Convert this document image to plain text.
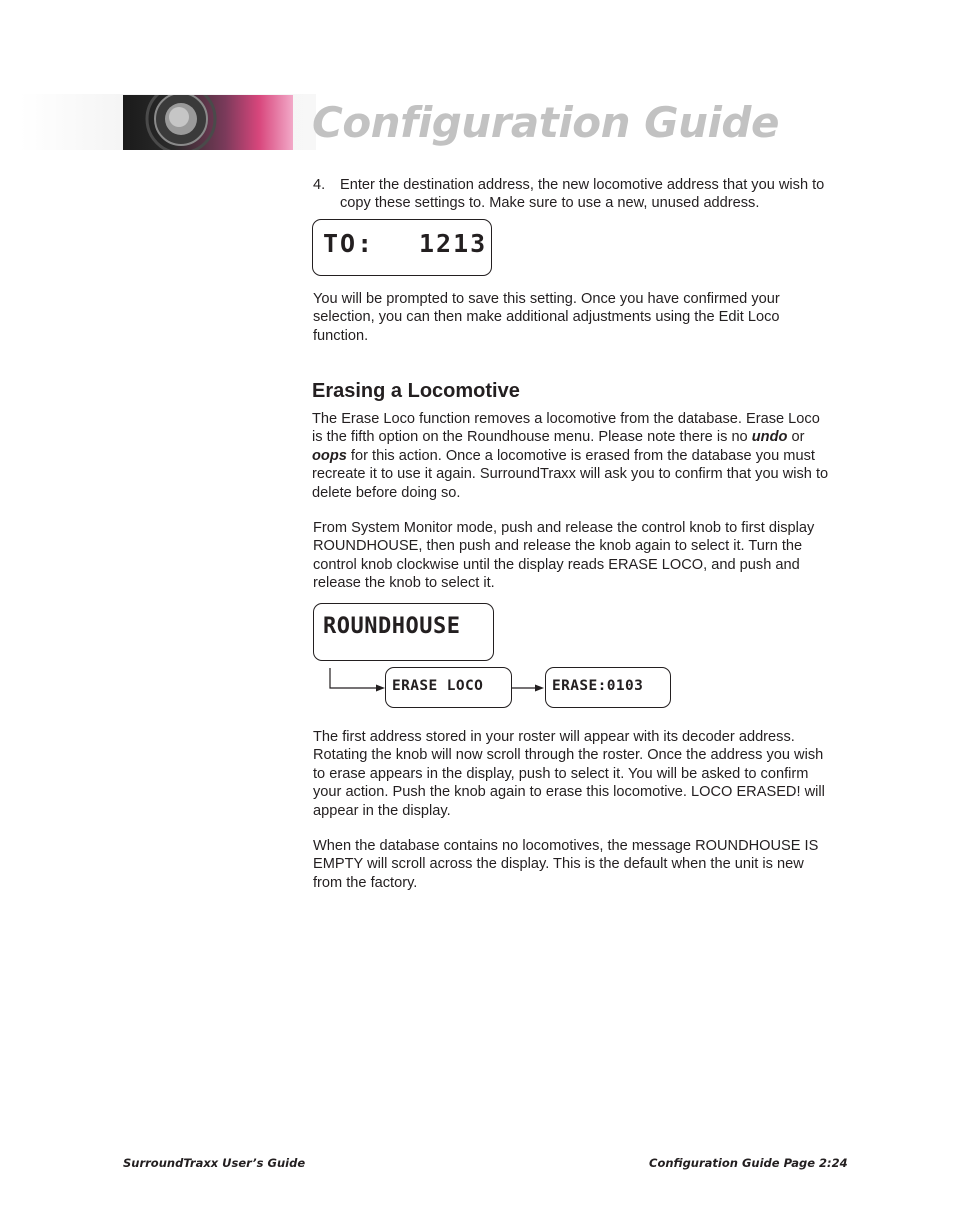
Configuration Guide
4. Enter the destination address, the new locomotive address that you wish to copy these settings to. Make sure to use a new, unused address.
TO: 1213

You will be prompted to save this setting. Once you have confirmed your selection, you can then make additional adjustments using the Edit Loco function.

Erasing a Locomotive

The Erase Loco function removes a locomotive from the database. Erase Loco is the fifth option on the Roundhouse menu. Please note there is no undo or oops for this action. Once a locomotive is erased from the database you must recreate it to use it again. SurroundTraxx will ask you to confirm that you wish to delete before doing so.

From System Monitor mode, push and release the control knob to first display ROUNDHOUSE, then push and release the knob again to select it. Turn the control knob clockwise until the display reads ERASE LOCO, and push and release the knob to select it.

ROUNDHOUSE
ERASE LOCO	ERASE:0103

The first address stored in your roster will appear with its decoder address. Rotating the knob will now scroll through the roster. Once the address you wish to erase appears in the display, push to select it. You will be asked to confirm your action. Push the knob again to erase this locomotive. LOCO ERASED! will appear in the display.

When the database contains no locomotives, the message ROUNDHOUSE IS EMPTY will scroll across the display. This is the default when the unit is new from the factory.

SurroundTraxx User’s Guide	Configuration Guide Page 2:24
